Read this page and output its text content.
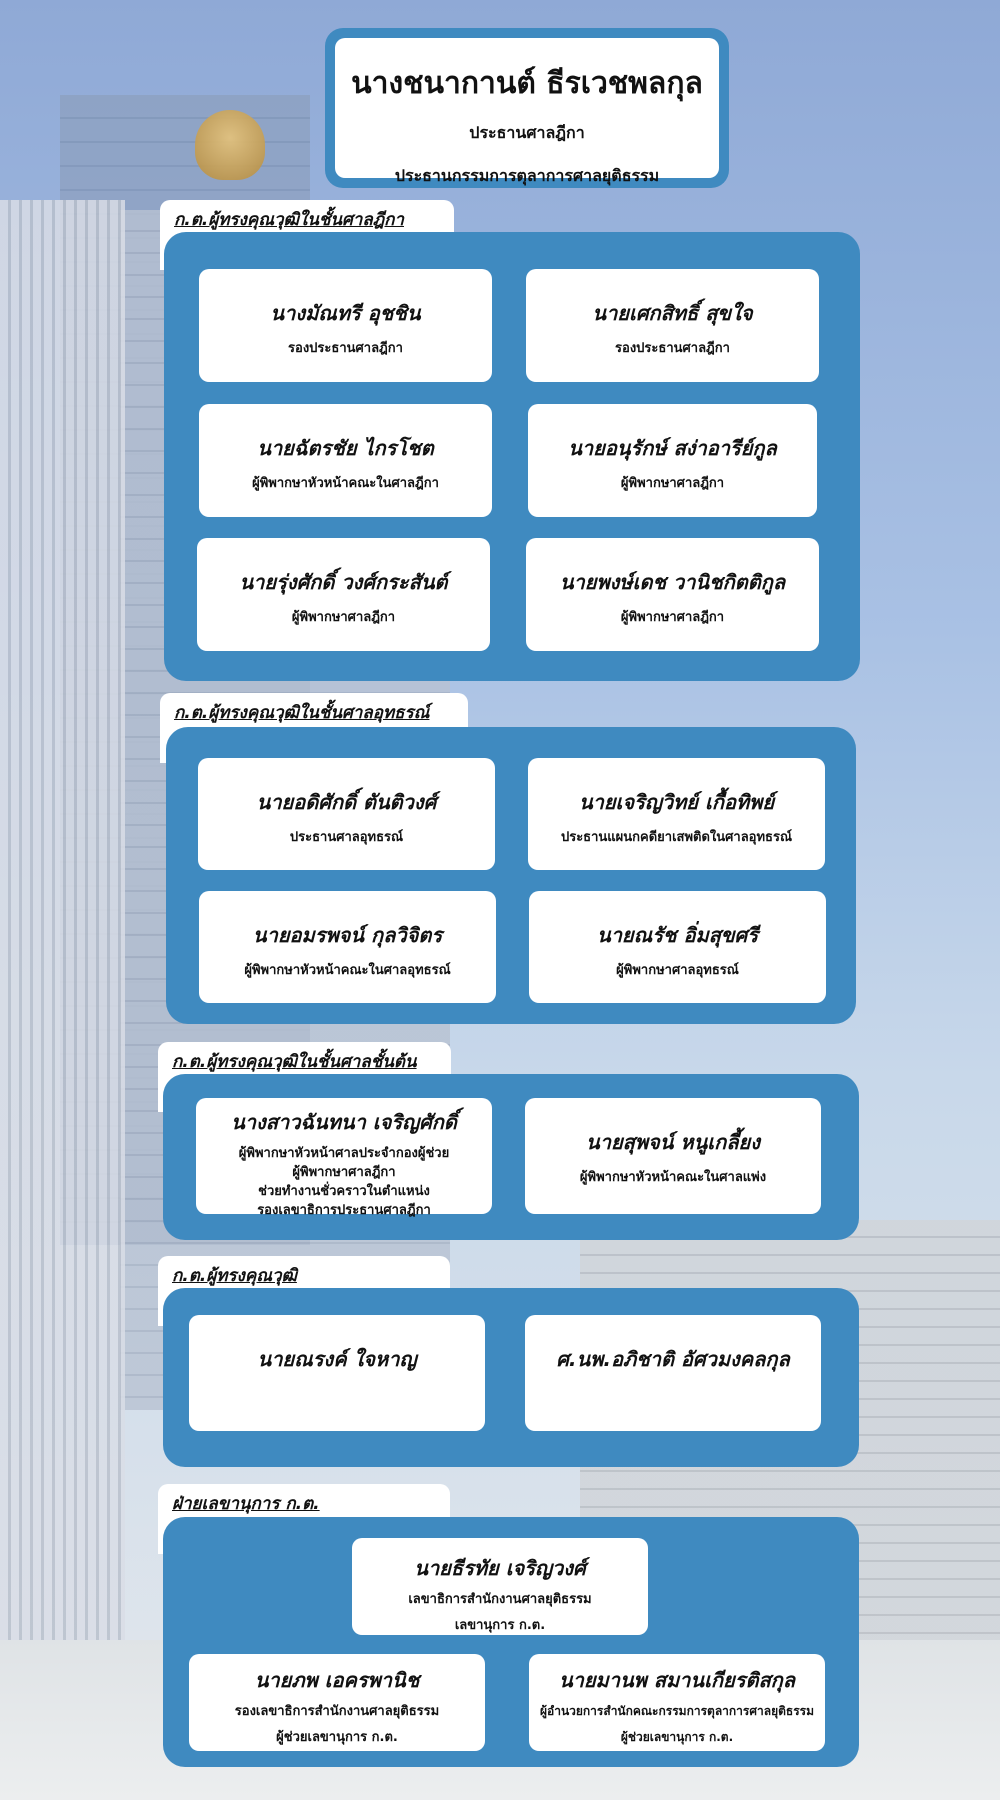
นางชนากานต์ ธีรเวชพลกุล
ประธานศาลฎีกา
ประธานกรรมการตุลาการศาลยุติธรรม
ก.ต.ผู้ทรงคุณวุฒิในชั้นศาลฎีกา
นางมัณทรี อุชชิน
รองประธานศาลฎีกา
นายเศกสิทธิ์ สุขใจ
รองประธานศาลฎีกา
นายฉัตรชัย ไกรโชต
ผู้พิพากษาหัวหน้าคณะในศาลฎีกา
นายอนุรักษ์ สง่าอารีย์กูล
ผู้พิพากษาศาลฎีกา
นายรุ่งศักดิ์ วงศ์กระสันต์
ผู้พิพากษาศาลฎีกา
นายพงษ์เดช วานิชกิตติกูล
ผู้พิพากษาศาลฎีกา
ก.ต.ผู้ทรงคุณวุฒิในชั้นศาลอุทธรณ์
นายอดิศักดิ์ ตันติวงศ์
ประธานศาลอุทธรณ์
นายเจริญวิทย์ เกื้อทิพย์
ประธานแผนกคดียาเสพติดในศาลอุทธรณ์
นายอมรพจน์ กุลวิจิตร
ผู้พิพากษาหัวหน้าคณะในศาลอุทธรณ์
นายณรัช อิ่มสุขศรี
ผู้พิพากษาศาลอุทธรณ์
ก.ต.ผู้ทรงคุณวุฒิในชั้นศาลชั้นต้น
นางสาวฉันทนา เจริญศักดิ์
ผู้พิพากษาหัวหน้าศาลประจำกองผู้ช่วย
ผู้พิพากษาศาลฎีกา
ช่วยทำงานชั่วคราวในตำแหน่ง
รองเลขาธิการประธานศาลฎีกา
นายสุพจน์ หนูเกลี้ยง
ผู้พิพากษาหัวหน้าคณะในศาลแพ่ง
ก.ต.ผู้ทรงคุณวุฒิ
นายณรงค์ ใจหาญ	ศ.นพ.อภิชาติ อัศวมงคลกุล
ฝ่ายเลขานุการ ก.ต.
นายธีรทัย เจริญวงศ์
เลขาธิการสำนักงานศาลยุติธรรม
เลขานุการ ก.ต.
นายภพ เอครพานิช
รองเลขาธิการสำนักงานศาลยุติธรรม
ผู้ช่วยเลขานุการ ก.ต.
นายมานพ สมานเกียรติสกุล
ผู้อำนวยการสำนักคณะกรรมการตุลาการศาลยุติธรรม
ผู้ช่วยเลขานุการ ก.ต.
